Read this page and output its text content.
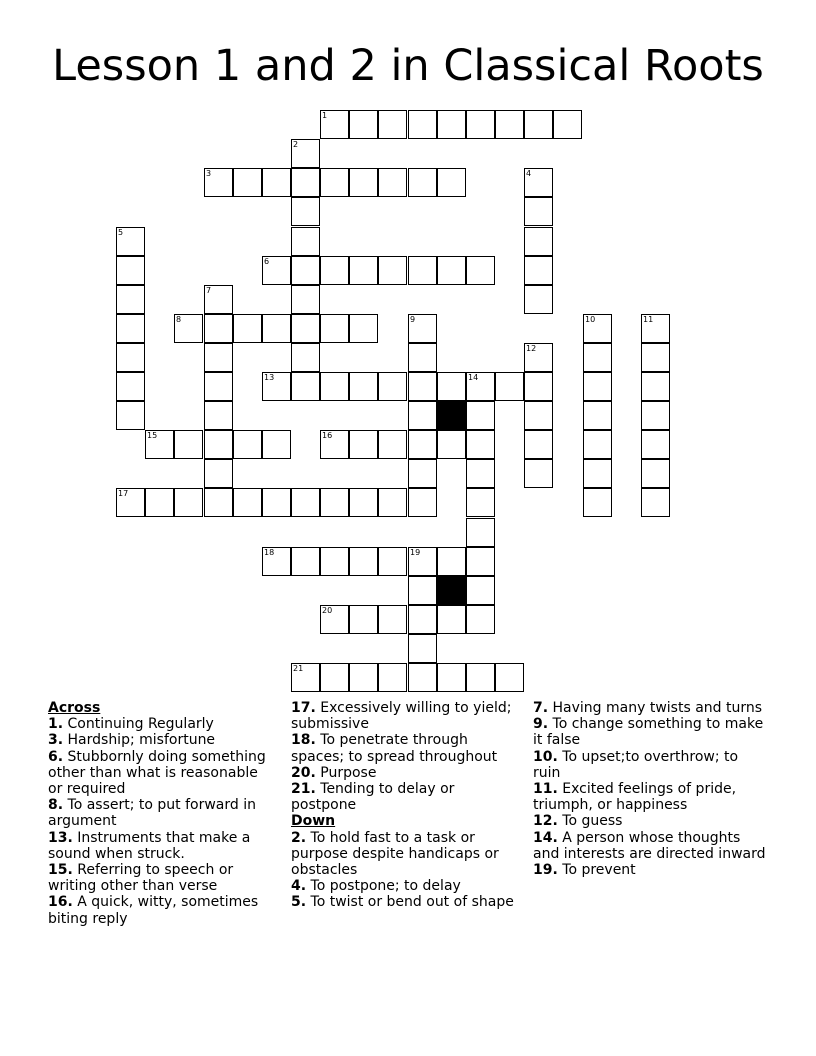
Lesson 1 and 2 in Classical Roots
1
2
3	4
5
6
7
8	9	10	11
12
13	14
15	16
17
18	19
20
21
Across
1. Continuing Regularly
3. Hardship; misfortune
6. Stubbornly doing something other than what is reasonable or required
8. To assert; to put forward in argument
13. Instruments that make a sound when struck.
15. Referring to speech or writing other than verse
16. A quick, witty, sometimes biting reply
17. Excessively willing to yield; submissive
18. To penetrate through spaces; to spread throughout
20. Purpose
21. Tending to delay or postpone
Down
2. To hold fast to a task or purpose despite handicaps or obstacles
4. To postpone; to delay
5. To twist or bend out of shape
7. Having many twists and turns
9. To change something to make it false
10. To upset;to overthrow; to ruin
11. Excited feelings of pride, triumph, or happiness
12. To guess
14. A person whose thoughts and interests are directed inward
19. To prevent
